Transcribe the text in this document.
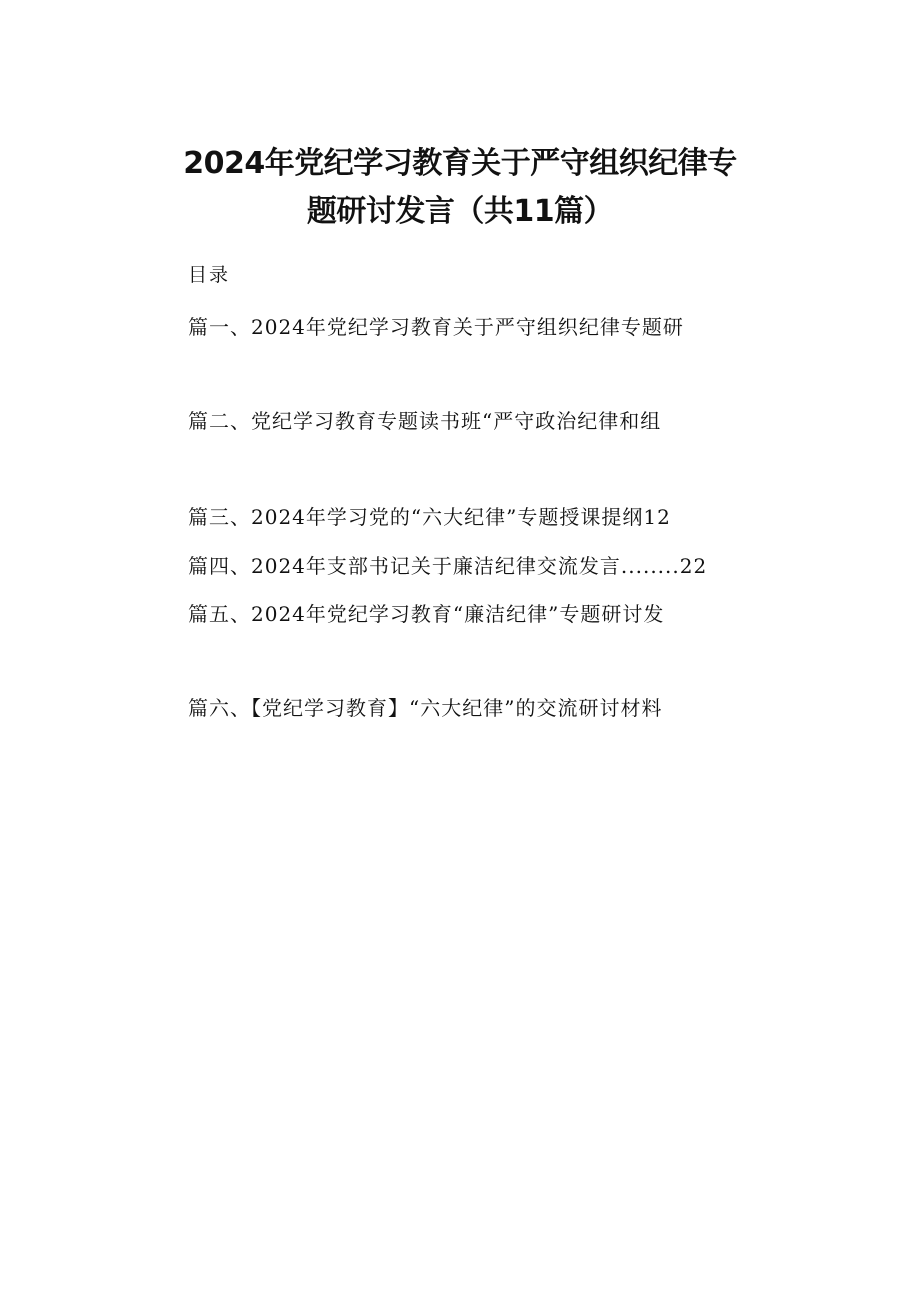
2024年党纪学习教育关于严守组织纪律专
题研讨发言（共11篇）
目录
篇一、2024年党纪学习教育关于严守组织纪律专题研
篇二、党纪学习教育专题读书班“严守政治纪律和组
篇三、2024年学习党的“六大纪律”专题授课提纲12
篇四、2024年支部书记关于廉洁纪律交流发言........22
篇五、2024年党纪学习教育“廉洁纪律”专题研讨发
篇六、【党纪学习教育】“六大纪律”的交流研讨材料
